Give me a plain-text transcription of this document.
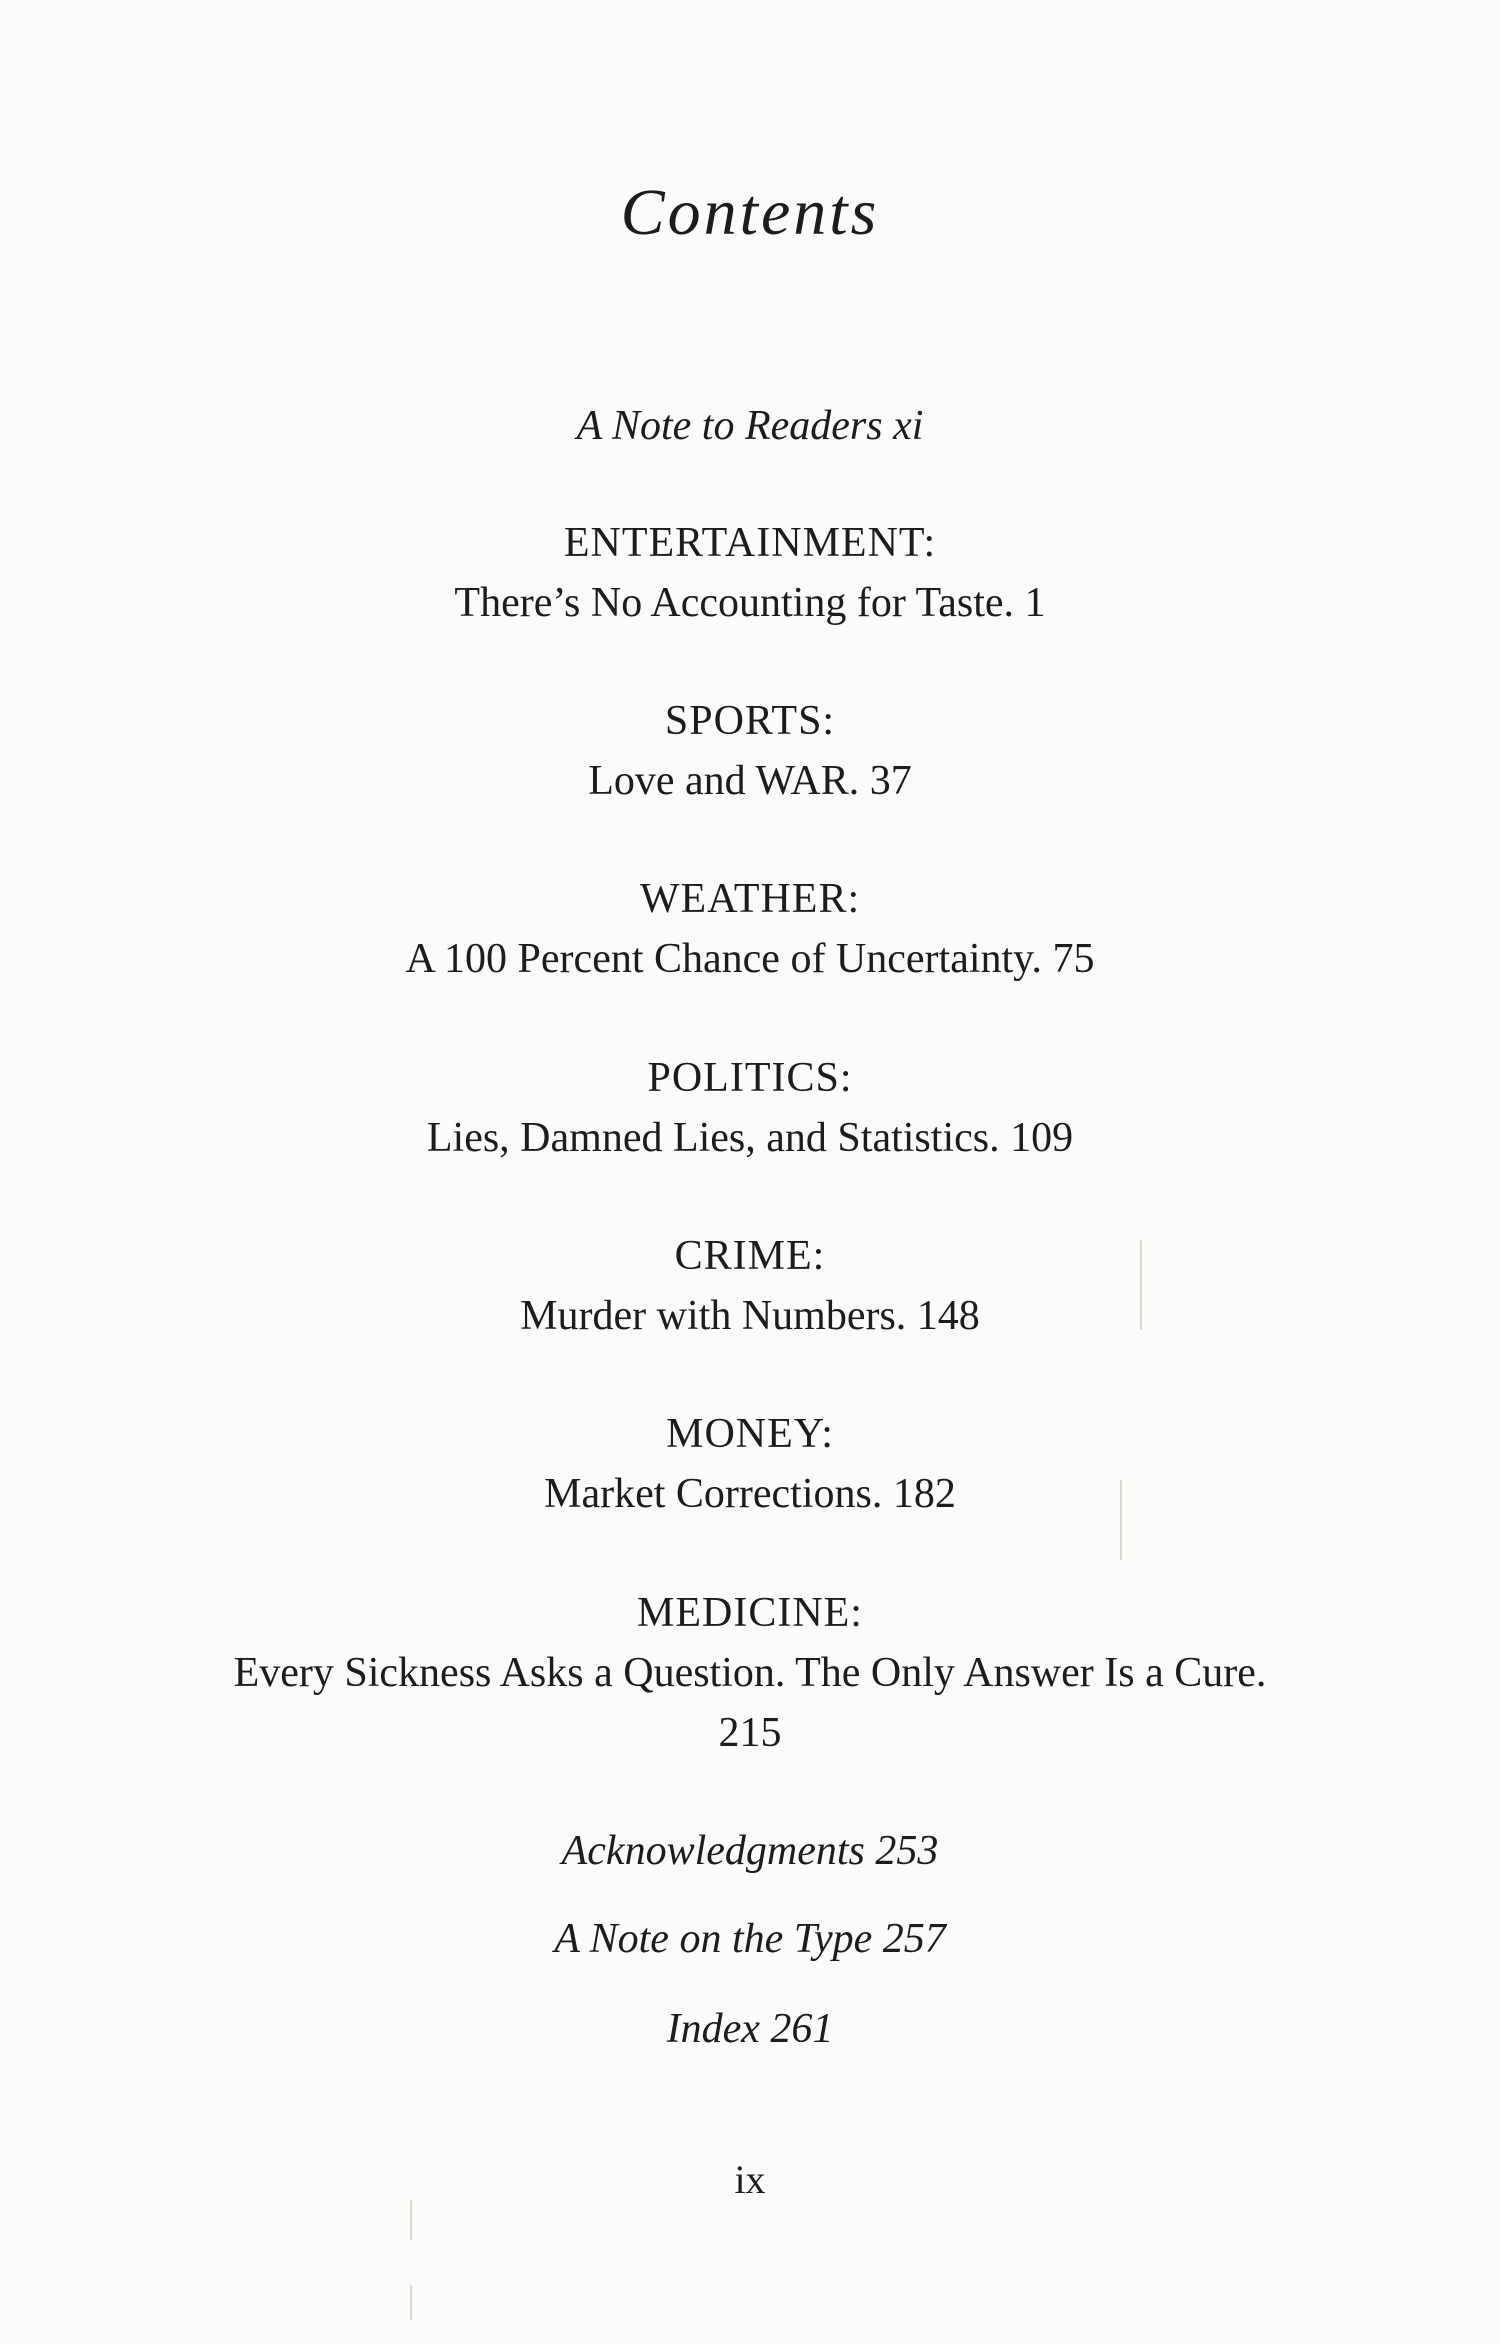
Contents
A Note to Readers xi
ENTERTAINMENT:
There’s No Accounting for Taste. 1
SPORTS:
Love and WAR. 37
WEATHER:
A 100 Percent Chance of Uncertainty. 75
POLITICS:
Lies, Damned Lies, and Statistics. 109
CRIME:
Murder with Numbers. 148
MONEY:
Market Corrections. 182
MEDICINE:
Every Sickness Asks a Question. The Only Answer Is a Cure.
215
Acknowledgments 253
A Note on the Type 257
Index 261
ix
